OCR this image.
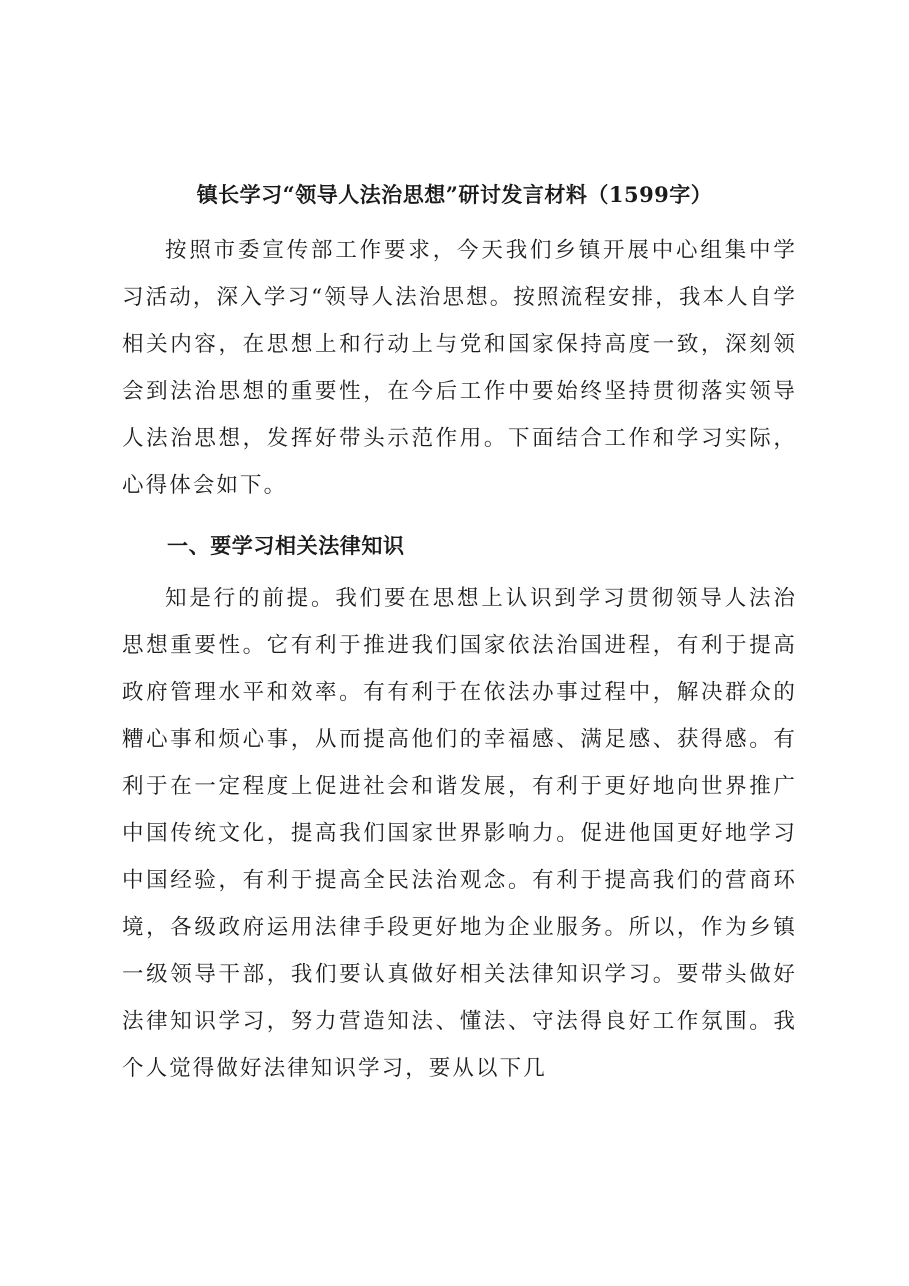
镇长学习“领导人法治思想”研讨发言材料（1599字）

按照市委宣传部工作要求，今天我们乡镇开展中心组集中学习活动，深入学习“领导人法治思想。按照流程安排，我本人自学相关内容，在思想上和行动上与党和国家保持高度一致，深刻领会到法治思想的重要性，在今后工作中要始终坚持贯彻落实领导人法治思想，发挥好带头示范作用。下面结合工作和学习实际，心得体会如下。

一、要学习相关法律知识

知是行的前提。我们要在思想上认识到学习贯彻领导人法治思想重要性。它有利于推进我们国家依法治国进程，有利于提高政府管理水平和效率。有有利于在依法办事过程中，解决群众的糟心事和烦心事，从而提高他们的幸福感、满足感、获得感。有利于在一定程度上促进社会和谐发展，有利于更好地向世界推广中国传统文化，提高我们国家世界影响力。促进他国更好地学习中国经验，有利于提高全民法治观念。有利于提高我们的营商环境，各级政府运用法律手段更好地为企业服务。所以，作为乡镇一级领导干部，我们要认真做好相关法律知识学习。要带头做好法律知识学习，努力营造知法、懂法、守法得良好工作氛围。我个人觉得做好法律知识学习，要从以下几
